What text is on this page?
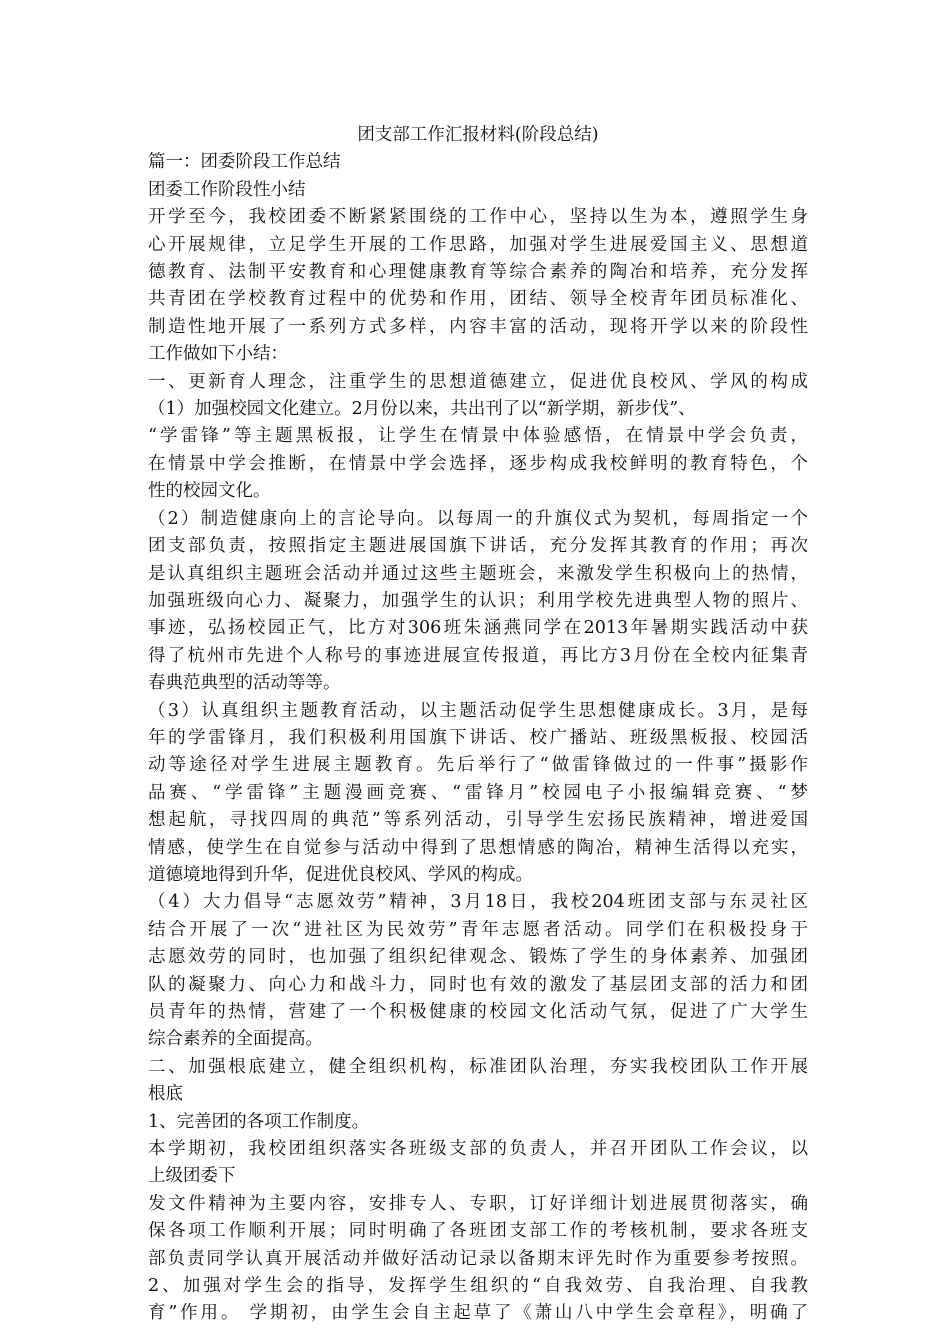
团支部工作汇报材料(阶段总结)
篇一：团委阶段工作总结
团委工作阶段性小结
开学至今，我校团委不断紧紧围绕的工作中心，坚持以生为本，遵照学生身
心开展规律，立足学生开展的工作思路，加强对学生进展爱国主义、思想道
德教育、法制平安教育和心理健康教育等综合素养的陶冶和培养，充分发挥
共青团在学校教育过程中的优势和作用，团结、领导全校青年团员标准化、
制造性地开展了一系列方式多样，内容丰富的活动，现将开学以来的阶段性
工作做如下小结：
一、更新育人理念，注重学生的思想道德建立，促进优良校风、学风的构成
（1）加强校园文化建立。2月份以来，共出刊了以“新学期，新步伐”、
“学雷锋”等主题黑板报，让学生在情景中体验感悟，在情景中学会负责，
在情景中学会推断，在情景中学会选择，逐步构成我校鲜明的教育特色，个
性的校园文化。
（2）制造健康向上的言论导向。以每周一的升旗仪式为契机，每周指定一个
团支部负责，按照指定主题进展国旗下讲话，充分发挥其教育的作用；再次
是认真组织主题班会活动并通过这些主题班会，来激发学生积极向上的热情，
加强班级向心力、凝聚力，加强学生的认识；利用学校先进典型人物的照片、
事迹，弘扬校园正气，比方对306班朱涵燕同学在2013年暑期实践活动中获
得了杭州市先进个人称号的事迹进展宣传报道，再比方3月份在全校内征集青
春典范典型的活动等等。
（3）认真组织主题教育活动，以主题活动促学生思想健康成长。3月，是每
年的学雷锋月，我们积极利用国旗下讲话、校广播站、班级黑板报、校园活
动等途径对学生进展主题教育。先后举行了“做雷锋做过的一件事”摄影作
品赛、“学雷锋”主题漫画竞赛、“雷锋月”校园电子小报编辑竞赛、“梦
想起航，寻找四周的典范”等系列活动，引导学生宏扬民族精神，增进爱国
情感，使学生在自觉参与活动中得到了思想情感的陶冶，精神生活得以充实，
道德境地得到升华，促进优良校风、学风的构成。
（4）大力倡导“志愿效劳”精神，3月18日，我校204班团支部与东灵社区
结合开展了一次“进社区为民效劳”青年志愿者活动。同学们在积极投身于
志愿效劳的同时，也加强了组织纪律观念、锻炼了学生的身体素养、加强团
队的凝聚力、向心力和战斗力，同时也有效的激发了基层团支部的活力和团
员青年的热情，营建了一个积极健康的校园文化活动气氛，促进了广大学生
综合素养的全面提高。
二、加强根底建立，健全组织机构，标准团队治理，夯实我校团队工作开展
根底
1、完善团的各项工作制度。
本学期初，我校团组织落实各班级支部的负责人，并召开团队工作会议，以
上级团委下
发文件精神为主要内容，安排专人、专职，订好详细计划进展贯彻落实，确
保各项工作顺利开展；同时明确了各班团支部工作的考核机制，要求各班支
部负责同学认真开展活动并做好活动记录以备期末评先时作为重要参考按照。
2、加强对学生会的指导，发挥学生组织的“自我效劳、自我治理、自我教
育”作用。 学期初，由学生会自主起草了《萧山八中学生会章程》，明确了
